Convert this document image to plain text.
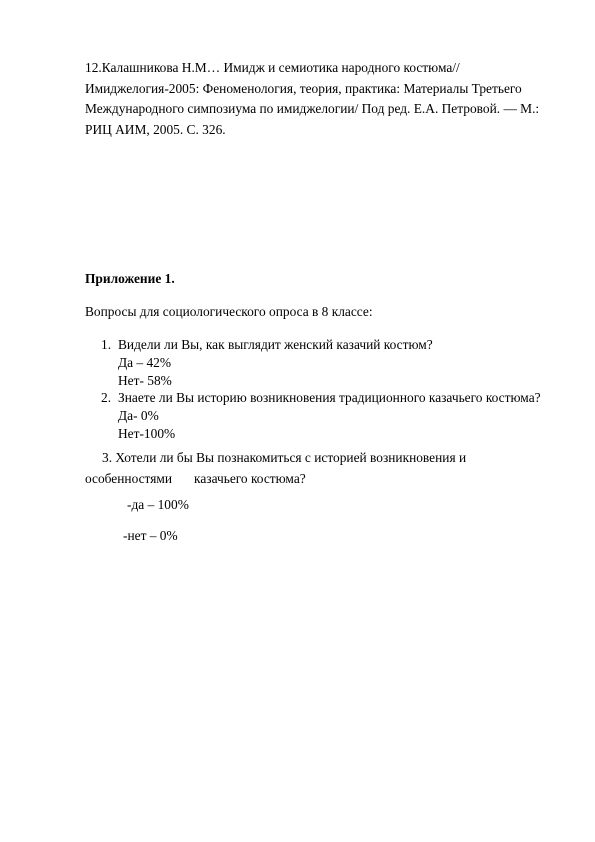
12.Калашникова Н.М… Имидж и семиотика народного костюма//
Имиджелогия-2005: Феноменология, теория, практика: Материалы Третьего
Международного симпозиума по имиджелогии/ Под ред. Е.А. Петровой. — М.:
РИЦ АИМ, 2005. С. 326.
Приложение 1.
Вопросы для социологического опроса в 8 классе:
1. Видели ли Вы, как выглядит женский казачий костюм?
Да – 42%
Нет- 58%
2. Знаете ли Вы историю возникновения традиционного казачьего костюма?
Да- 0%
Нет-100%
3. Хотели ли бы Вы познакомиться с историей возникновения и
особенностями казачьего костюма?
-да – 100%
-нет – 0%
